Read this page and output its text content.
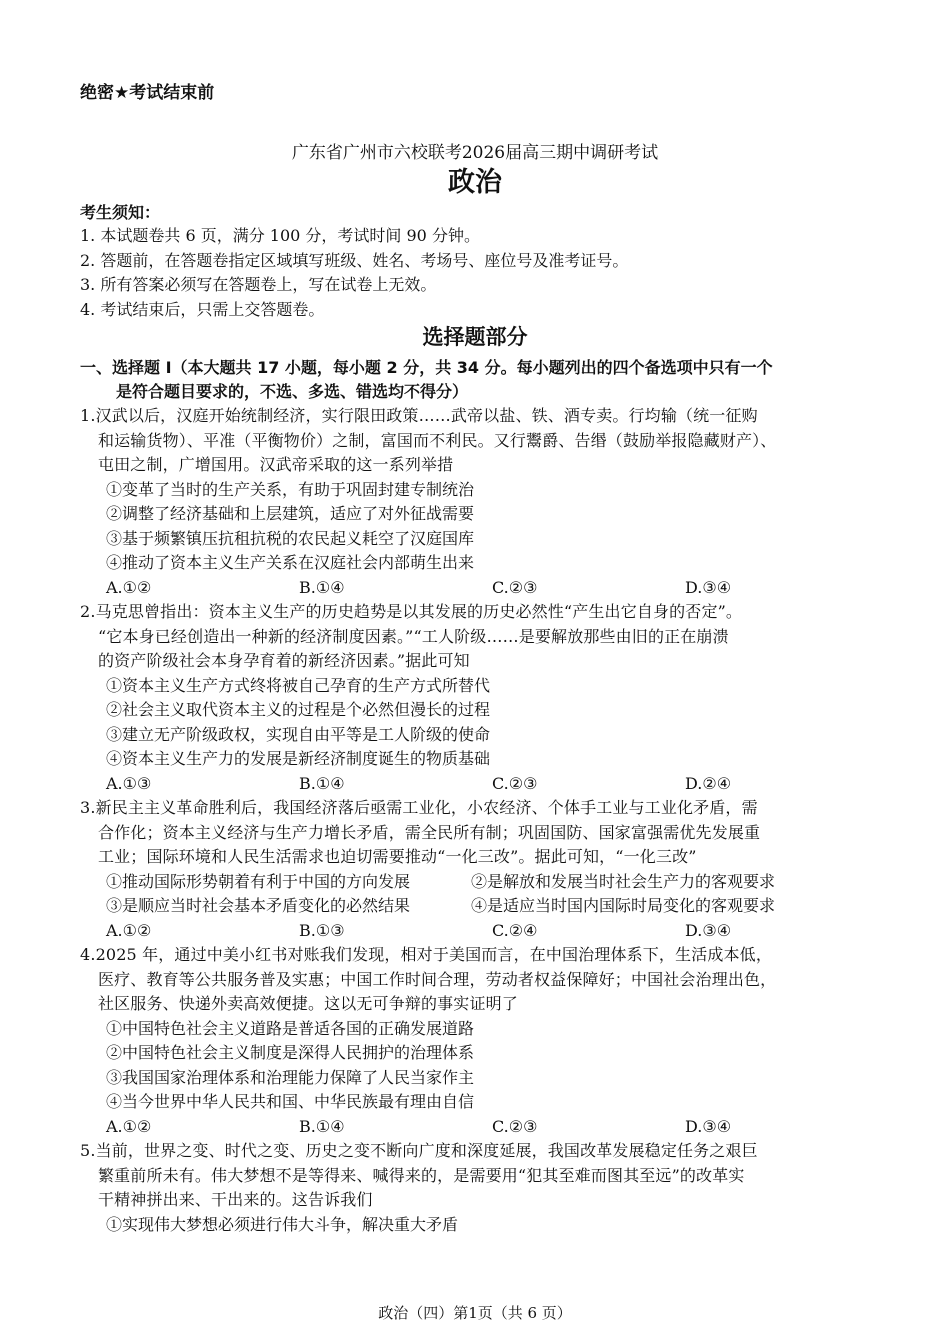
绝密★考试结束前
广东省广州市六校联考2026届高三期中调研考试
政治
考生须知：
1. 本试题卷共 6 页，满分 100 分，考试时间 90 分钟。
2. 答题前，在答题卷指定区域填写班级、姓名、考场号、座位号及准考证号。
3. 所有答案必须写在答题卷上，写在试卷上无效。
4. 考试结束后，只需上交答题卷。
选择题部分
一、选择题 I（本大题共 17 小题，每小题 2 分，共 34 分。每小题列出的四个备选项中只有一个
是符合题目要求的，不选、多选、错选均不得分）
1.汉武以后，汉庭开始统制经济，实行限田政策……武帝以盐、铁、酒专卖。行均输（统一征购
和运输货物）、平准（平衡物价）之制，富国而不利民。又行鬻爵、告缗（鼓励举报隐藏财产）、
屯田之制，广增国用。汉武帝采取的这一系列举措
①变革了当时的生产关系，有助于巩固封建专制统治
②调整了经济基础和上层建筑，适应了对外征战需要
③基于频繁镇压抗租抗税的农民起义耗空了汉庭国库
④推动了资本主义生产关系在汉庭社会内部萌生出来
A.①②	B.①④	C.②③	D.③④
2.马克思曾指出：资本主义生产的历史趋势是以其发展的历史必然性“产生出它自身的否定”。
“它本身已经创造出一种新的经济制度因素。”“工人阶级……是要解放那些由旧的正在崩溃
的资产阶级社会本身孕育着的新经济因素。”据此可知
①资本主义生产方式终将被自己孕育的生产方式所替代
②社会主义取代资本主义的过程是个必然但漫长的过程
③建立无产阶级政权，实现自由平等是工人阶级的使命
④资本主义生产力的发展是新经济制度诞生的物质基础
A.①③	B.①④	C.②③	D.②④
3.新民主主义革命胜利后，我国经济落后亟需工业化，小农经济、个体手工业与工业化矛盾，需
合作化；资本主义经济与生产力增长矛盾，需全民所有制；巩固国防、国家富强需优先发展重
工业；国际环境和人民生活需求也迫切需要推动“一化三改”。据此可知，“一化三改”
①推动国际形势朝着有利于中国的方向发展	②是解放和发展当时社会生产力的客观要求
③是顺应当时社会基本矛盾变化的必然结果	④是适应当时国内国际时局变化的客观要求
A.①②	B.①③	C.②④	D.③④
4.2025 年，通过中美小红书对账我们发现，相对于美国而言，在中国治理体系下，生活成本低，
医疗、教育等公共服务普及实惠；中国工作时间合理，劳动者权益保障好；中国社会治理出色，
社区服务、快递外卖高效便捷。这以无可争辩的事实证明了
①中国特色社会主义道路是普适各国的正确发展道路
②中国特色社会主义制度是深得人民拥护的治理体系
③我国国家治理体系和治理能力保障了人民当家作主
④当今世界中华人民共和国、中华民族最有理由自信
A.①②	B.①④	C.②③	D.③④
5.当前，世界之变、时代之变、历史之变不断向广度和深度延展，我国改革发展稳定任务之艰巨
繁重前所未有。伟大梦想不是等得来、喊得来的，是需要用“犯其至难而图其至远”的改革实
干精神拼出来、干出来的。这告诉我们
①实现伟大梦想必须进行伟大斗争，解决重大矛盾
政治（四）第1页（共 6 页）
